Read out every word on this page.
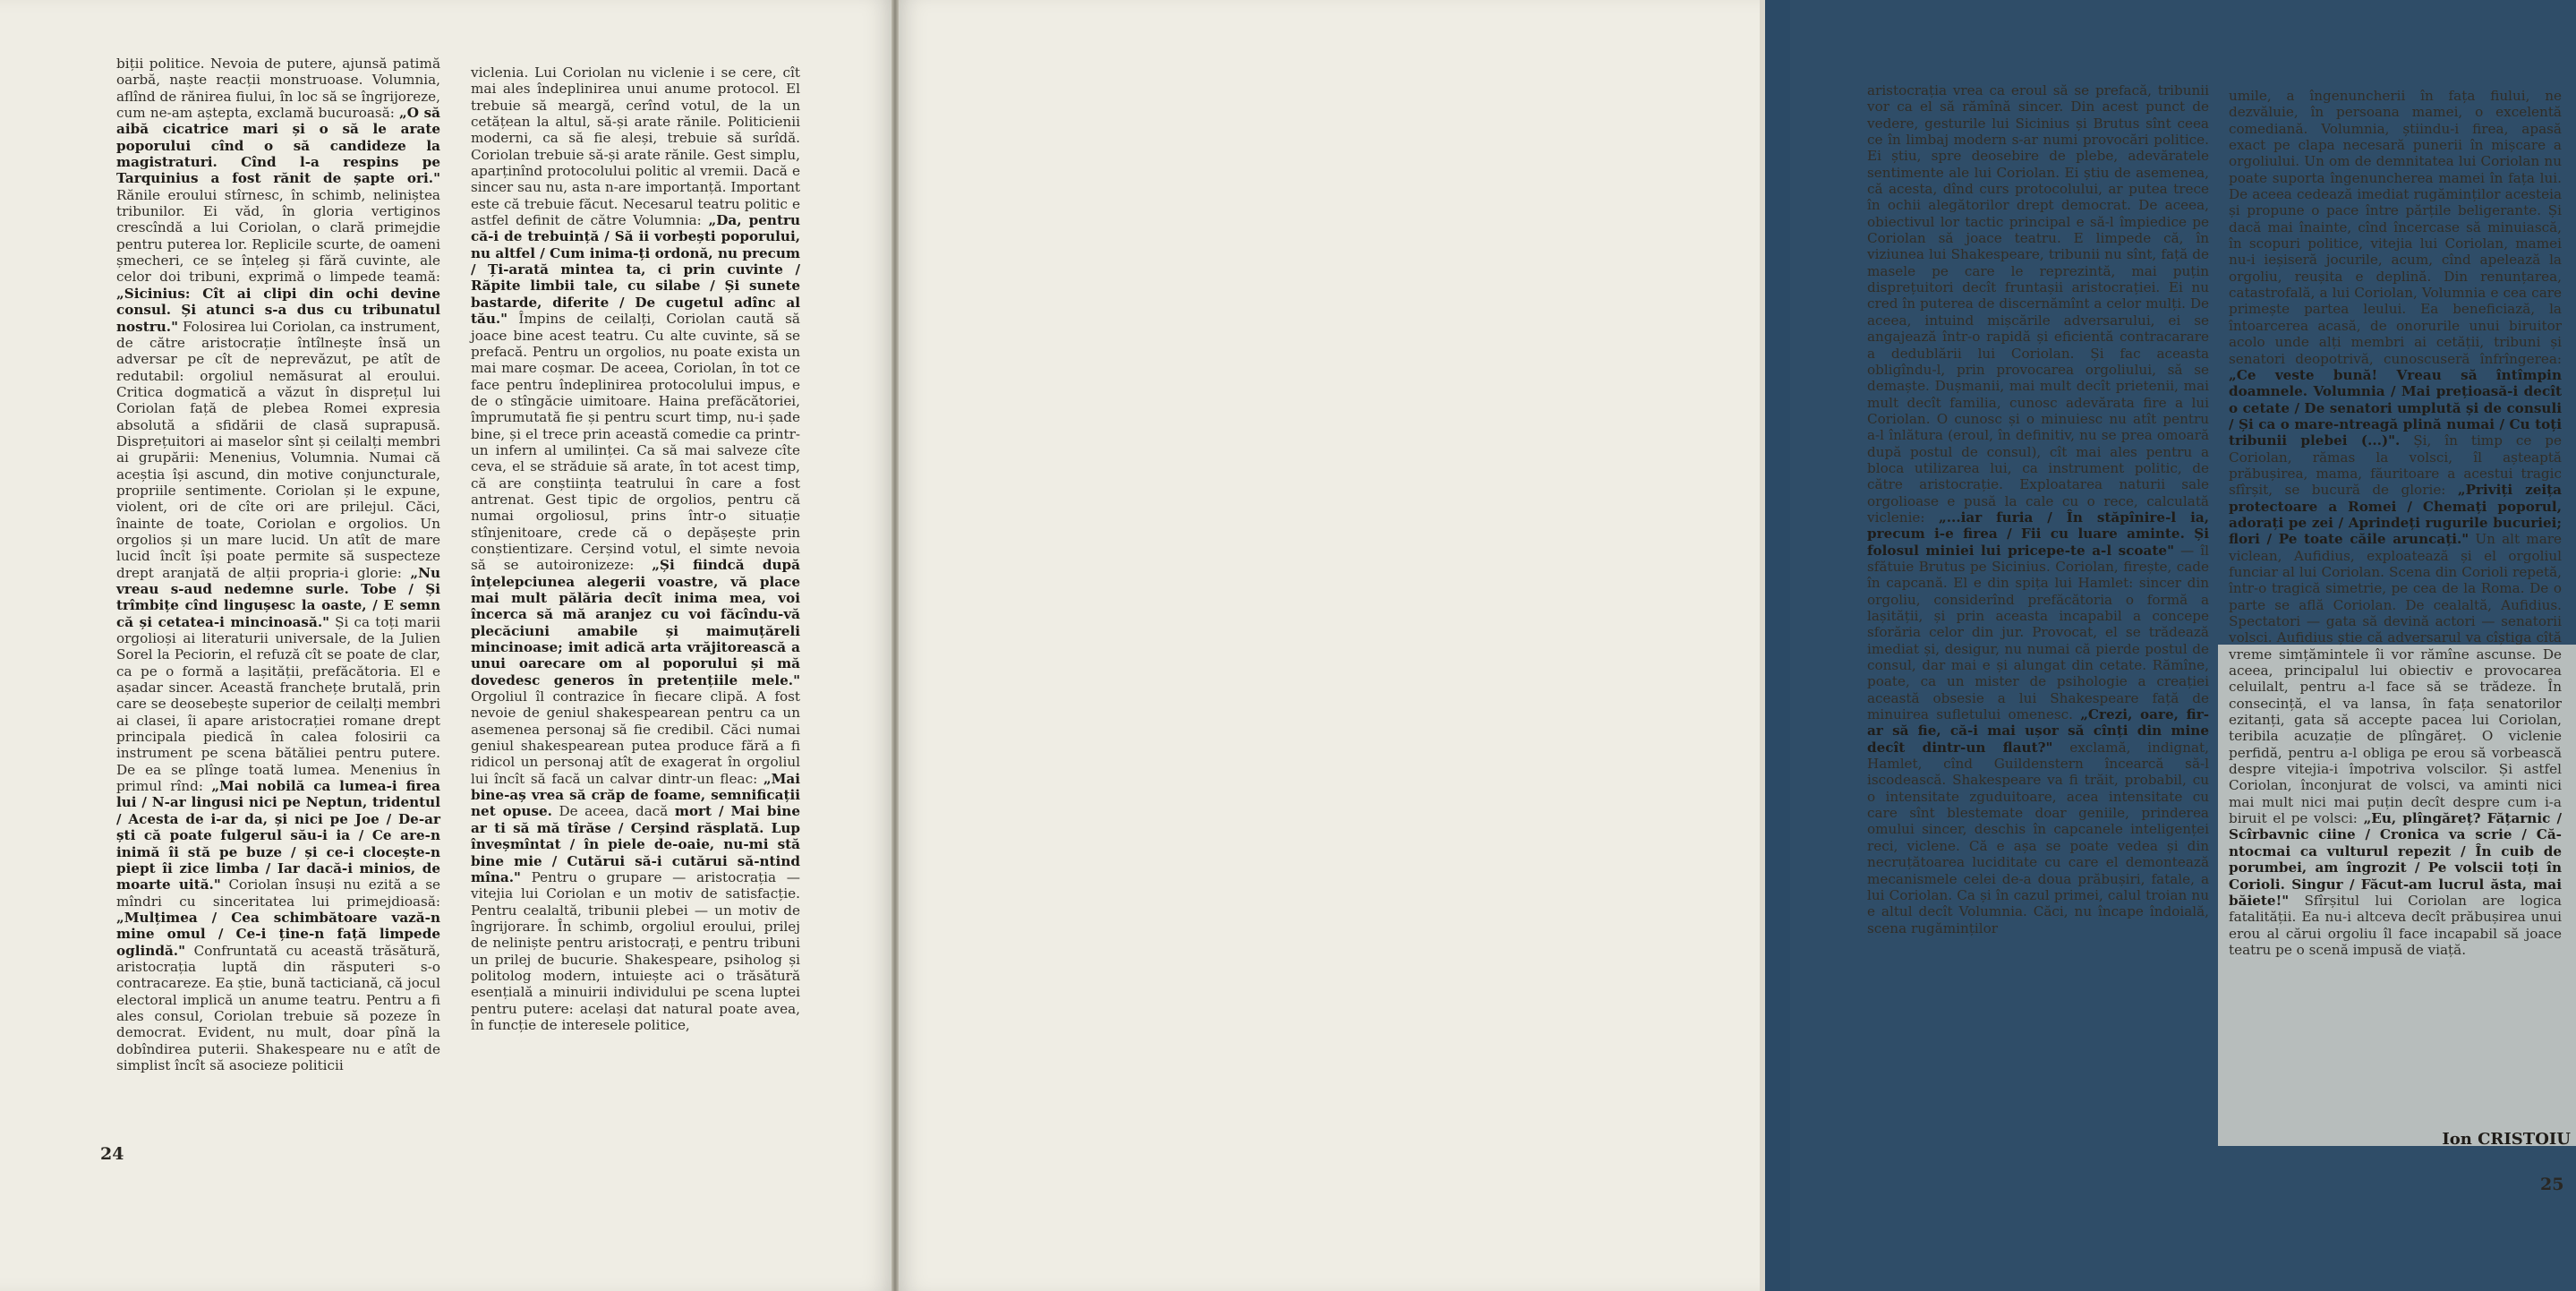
biții politice. Nevoia de putere, ajunsă patimă oarbă, naște reacții monstruoase. Volumnia, aflînd de rănirea fiului, în loc să se îngrijoreze, cum ne-am aștepta, exclamă bucuroasă: „O să aibă cicatrice mari și o să le arate poporului cînd o să candideze la magistraturi. Cînd l-a respins pe Tarquinius a fost rănit de șapte ori." Rănile eroului stîrnesc, în schimb, neliniștea tribunilor. Ei văd, în gloria vertiginos crescîndă a lui Coriolan, o clară primejdie pentru puterea lor. Replicile scurte, de oameni șmecheri, ce se înțeleg și fără cuvinte, ale celor doi tribuni, exprimă o limpede teamă: „Sicinius: Cît ai clipi din ochi devine consul. Și atunci s-a dus cu tribunatul nostru." Folosirea lui Coriolan, ca instrument, de către aristocrație întîlnește însă un adversar pe cît de neprevăzut, pe atît de redutabil: orgoliul nemăsurat al eroului. Critica dogmatică a văzut în disprețul lui Coriolan față de plebea Romei expresia absolută a sfidării de clasă suprapusă. Disprețuitori ai maselor sînt și ceilalți membri ai grupării: Menenius, Volumnia. Numai că aceștia își ascund, din motive conjuncturale, propriile sentimente. Coriolan și le expune, violent, ori de cîte ori are prilejul. Căci, înainte de toate, Coriolan e orgolios. Un orgolios și un mare lucid. Un atît de mare lucid încît își poate permite să suspecteze drept aranjată de alții propria-i glorie: „Nu vreau s-aud nedemne surle. Tobe / Și trîmbițe cînd lingușesc la oaste, / E semn că și cetatea-i mincinoasă." Și ca toți marii orgolioși ai literaturii universale, de la Julien Sorel la Peciorin, el refuză cît se poate de clar, ca pe o formă a lașității, prefăcătoria. El e așadar sincer. Această franchețe brutală, prin care se deosebește superior de ceilalți membri ai clasei, îi apare aristocrației romane drept principala piedică în calea folosirii ca instrument pe scena bătăliei pentru putere. De ea se plînge toată lumea. Menenius în primul rînd: „Mai nobilă ca lumea-i firea lui / N-ar lingusi nici pe Neptun, tridentul / Acesta de i-ar da, și nici pe Joe / De-ar ști că poate fulgerul său-i ia / Ce are-n inimă îi stă pe buze / și ce-i clocește-n piept îi zice limba / Iar dacă-i minios, de moarte uită." Coriolan însuși nu ezită a se mîndri cu sinceritatea lui primejdioasă: „Mulțimea / Cea schimbătoare vază-n mine omul / Ce-i ține-n față limpede oglindă." Confruntată cu această trăsătură, aristocrația luptă din răsputeri s-o contracareze. Ea știe, bună tacticiană, că jocul electoral implică un anume teatru. Pentru a fi ales consul, Coriolan trebuie să pozeze în democrat. Evident, nu mult, doar pînă la dobîndirea puterii. Shakespeare nu e atît de simplist încît să asocieze politicii

viclenia. Lui Coriolan nu viclenie i se cere, cît mai ales îndeplinirea unui anume protocol. El trebuie să meargă, cerînd votul, de la un cetățean la altul, să-și arate rănile. Politicienii moderni, ca să fie aleși, trebuie să surîdă. Coriolan trebuie să-și arate rănile. Gest simplu, aparținînd protocolului politic al vremii. Dacă e sincer sau nu, asta n-are importanță. Important este că trebuie făcut. Necesarul teatru politic e astfel definit de către Volumnia: „Da, pentru că-i de trebuință / Să ii vorbești poporului, nu altfel / Cum inima-ți ordonă, nu precum / Ți-arată mintea ta, ci prin cuvinte / Răpite limbii tale, cu silabe / Și sunete bastarde, diferite / De cugetul adînc al tău." Împins de ceilalți, Coriolan caută să joace bine acest teatru. Cu alte cuvinte, să se prefacă. Pentru un orgolios, nu poate exista un mai mare coșmar. De aceea, Coriolan, în tot ce face pentru îndeplinirea protocolului impus, e de o stîngăcie uimitoare. Haina prefăcătoriei, împrumutată fie și pentru scurt timp, nu-i șade bine, și el trece prin această comedie ca printr-un infern al umilinței. Ca să mai salveze cîte ceva, el se străduie să arate, în tot acest timp, că are conștiința teatrului în care a fost antrenat. Gest tipic de orgolios, pentru că numai orgoliosul, prins într-o situație stînjenitoare, crede că o depășește prin conștientizare. Cerșind votul, el simte nevoia să se autoironizeze: „Și fiindcă după înțelepciunea alegerii voastre, vă place mai mult pălăria decît inima mea, voi încerca să mă aranjez cu voi făcîndu-vă plecăciuni amabile și maimuțăreli mincinoase; imit adică arta vrăjitorească a unui oarecare om al poporului și mă dovedesc generos în pretențiile mele." Orgoliul îl contrazice în fiecare clipă. A fost nevoie de geniul shakespearean pentru ca un asemenea personaj să fie credibil. Căci numai geniul shakespearean putea produce fără a fi ridicol un personaj atît de exagerat în orgoliul lui încît să facă un calvar dintr-un fleac: „Mai bine-aș vrea să crăp de foame, semnificații net opuse. De aceea, dacă mort / Mai bine ar ti să mă tîrăse / Cerșind răsplată. Lup înveșmîntat / în piele de-oaie, nu-mi stă bine mie / Cutărui să-i cutărui să-ntind mîna." Pentru o grupare — aristocrația — vitejia lui Coriolan e un motiv de satisfacție. Pentru cealaltă, tribunii plebei — un motiv de îngrijorare. În schimb, orgoliul eroului, prilej de neliniște pentru aristocrați, e pentru tribuni un prilej de bucurie. Shakespeare, psiholog și politolog modern, intuiește aci o trăsătură esențială a minuirii individului pe scena luptei pentru putere: același dat natural poate avea, în funcție de interesele politice,

24

aristocrația vrea ca eroul să se prefacă, tribunii vor ca el să rămînă sincer. Din acest punct de vedere, gesturile lui Sicinius și Brutus sînt ceea ce în limbaj modern s-ar numi provocări politice. Ei știu, spre deosebire de plebe, adevăratele sentimente ale lui Coriolan. Ei știu de asemenea, că acesta, dînd curs protocolului, ar putea trece în ochii alegătorilor drept democrat. De aceea, obiectivul lor tactic principal e să-l împiedice pe Coriolan să joace teatru. E limpede că, în viziunea lui Shakespeare, tribunii nu sînt, față de masele pe care le reprezintă, mai puțin disprețuitori decît fruntașii aristocrației. Ei nu cred în puterea de discernămînt a celor mulți. De aceea, intuind mișcările adversarului, ei se angajează într-o rapidă și eficientă contracarare a dedublării lui Coriolan. Și fac aceasta obligîndu-l, prin provocarea orgoliului, să se demaște. Dușmanii, mai mult decît prietenii, mai mult decît familia, cunosc adevărata fire a lui Coriolan. O cunosc și o minuiesc nu atît pentru a-l înlătura (eroul, în definitiv, nu se prea omoară după postul de consul), cît mai ales pentru a bloca utilizarea lui, ca instrument politic, de către aristocrație. Exploatarea naturii sale orgolioase e pusă la cale cu o rece, calculată viclenie: „...iar furia / În stăpînire-l ia, precum i-e firea / Fii cu luare aminte. Și folosul miniei lui pricepe-te a-l scoate" — îl sfătuie Brutus pe Sicinius. Coriolan, firește, cade în capcană. El e din spița lui Hamlet: sincer din orgoliu, considerînd prefăcătoria o formă a lașității, și prin aceasta incapabil a concepe sforăria celor din jur. Provocat, el se trădează imediat și, desigur, nu numai că pierde postul de consul, dar mai e și alungat din cetate. Rămîne, poate, ca un mister de psihologie a creației această obsesie a lui Shakespeare față de minuirea sufletului omenesc. „Crezi, oare, fir-ar să fie, că-i mai ușor să cînți din mine decît dintr-un flaut?" exclamă, indignat, Hamlet, cînd Guildenstern încearcă să-l iscodească. Shakespeare va fi trăit, probabil, cu o intensitate zguduitoare, acea intensitate cu care sînt blestemate doar geniile, prinderea omului sincer, deschis în capcanele inteligenței reci, viclene. Că e așa se poate vedea și din necruțătoarea luciditate cu care el demontează mecanismele celei de-a doua prăbușiri, fatale, a lui Coriolan. Ca și în cazul primei, calul troian nu e altul decît Volumnia. Căci, nu încape îndoială, scena rugăminților

umile, a îngenuncherii în fața fiului, ne dezvăluie, în persoana mamei, o excelentă comediană. Volumnia, știindu-i firea, apasă exact pe clapa necesară punerii în mișcare a orgoliului. Un om de demnitatea lui Coriolan nu poate suporta îngenuncherea mamei în fața lui. De aceea cedează imediat rugăminților acesteia și propune o pace între părțile beligerante. Și dacă mai înainte, cînd încercase să minuiască, în scopuri politice, vitejia lui Coriolan, mamei nu-i ieșiseră jocurile, acum, cînd apelează la orgoliu, reușita e deplină. Din renunțarea, catastrofală, a lui Coriolan, Volumnia e cea care primește partea leului. Ea beneficiază, la întoarcerea acasă, de onorurile unui biruitor acolo unde alți membri ai cetății, tribuni și senatori deopotrivă, cunoscuseră înfrîngerea: „Ce veste bună! Vreau să întîmpin doamnele. Volumnia / Mai prețioasă-i decît o cetate / De senatori umplută și de consuli / Și ca o mare-ntreagă plină numai / Cu toți tribunii plebei (...)". Și, în timp ce pe Coriolan, rămas la volsci, îl așteaptă prăbușirea, mama, făuritoare a acestui tragic sfîrșit, se bucură de glorie: „Priviți zeița protectoare a Romei / Chemați poporul, adorați pe zei / Aprindeți rugurile bucuriei; flori / Pe toate căile aruncați." Un alt mare viclean, Aufidius, exploatează și el orgoliul funciar al lui Coriolan. Scena din Corioli repetă, într-o tragică simetrie, pe cea de la Roma. De o parte se află Coriolan. De cealaltă, Aufidius. Spectatori — gata să devină actori — senatorii volsci. Aufidius știe că adversarul va cîștiga cîtă vreme simțămintele îi vor rămîne ascunse. De aceea, principalul lui obiectiv e provocarea celuilalt, pentru a-l face să se trădeze. În consecință, el va lansa, în fața senatorilor ezitanți, gata să accepte pacea lui Coriolan, teribila acuzație de plîngăreț. O viclenie perfidă, pentru a-l obliga pe erou să vorbească despre vitejia-i împotriva volscilor. Și astfel Coriolan, înconjurat de volsci, va aminti nici mai mult nici mai puțin decît despre cum i-a biruit el pe volsci: „Eu, plîngăreț? Fățarnic / Scîrbavnic ciine / Cronica va scrie / Că-ntocmai ca vulturul repezit / În cuib de porumbei, am îngrozit / Pe volscii toți în Corioli. Singur / Făcut-am lucrul ăsta, mai băiete!" Sfîrșitul lui Coriolan are logica fatalității. Ea nu-i altceva decît prăbușirea unui erou al cărui orgoliu îl face incapabil să joace teatru pe o scenă impusă de viață.

Ion CRISTOIU
25
